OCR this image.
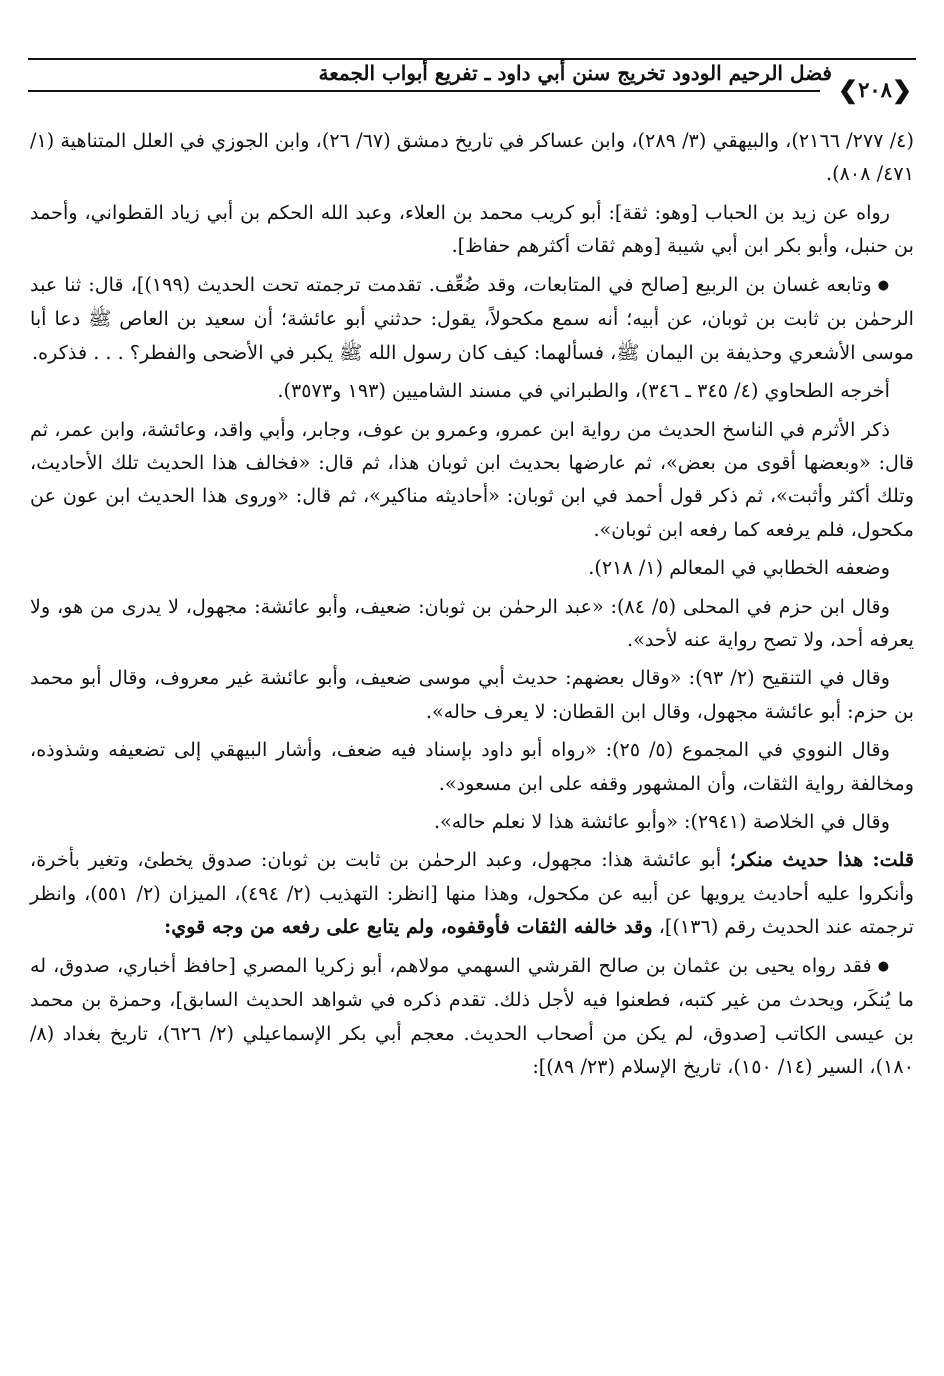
فضل الرحيم الودود تخريج سنن أبي داود ـ تفريع أبواب الجمعة
❮
٢٠٨
❯

(٤/ ٢٧٧/ ٢١٦٦)، والبيهقي (٣/ ٢٨٩)، وابن عساكر في تاريخ دمشق (٦٧/ ٢٦)، وابن الجوزي في العلل المتناهية (١/ ٤٧١/ ٨٠٨).

رواه عن زيد بن الحباب [وهو: ثقة]: أبو كريب محمد بن العلاء، وعبد الله الحكم بن أبي زياد القطواني، وأحمد بن حنبل، وأبو بكر ابن أبي شيبة [وهم ثقات أكثرهم حفاظ].

●وتابعه غسان بن الربيع [صالح في المتابعات، وقد ضُعِّف. تقدمت ترجمته تحت الحديث (١٩٩)]، قال: ثنا عبد الرحمٰن بن ثابت بن ثوبان، عن أبيه؛ أنه سمع مكحولاً، يقول: حدثني أبو عائشة؛ أن سعيد بن العاص ﷺ دعا أبا موسى الأشعري وحذيفة بن اليمان ﷺ، فسألهما: كيف كان رسول الله ﷺ يكبر في الأضحى والفطر؟ . . . فذكره.

أخرجه الطحاوي (٤/ ٣٤٥ ـ ٣٤٦)، والطبراني في مسند الشاميين (١٩٣ و٣٥٧٣).

ذكر الأثرم في الناسخ الحديث من رواية ابن عمرو، وعمرو بن عوف، وجابر، وأبي واقد، وعائشة، وابن عمر، ثم قال: «وبعضها أقوى من بعض»، ثم عارضها بحديث ابن ثوبان هذا، ثم قال: «فخالف هذا الحديث تلك الأحاديث، وتلك أكثر وأثبت»، ثم ذكر قول أحمد في ابن ثوبان: «أحاديثه مناكير»، ثم قال: «وروى هذا الحديث ابن عون عن مكحول، فلم يرفعه كما رفعه ابن ثوبان».

وضعفه الخطابي في المعالم (١/ ٢١٨).

وقال ابن حزم في المحلى (٥/ ٨٤): «عبد الرحمٰن بن ثوبان: ضعيف، وأبو عائشة: مجهول، لا يدرى من هو، ولا يعرفه أحد، ولا تصح رواية عنه لأحد».

وقال في التنقيح (٢/ ٩٣): «وقال بعضهم: حديث أبي موسى ضعيف، وأبو عائشة غير معروف، وقال أبو محمد بن حزم: أبو عائشة مجهول، وقال ابن القطان: لا يعرف حاله».

وقال النووي في المجموع (٥/ ٢٥): «رواه أبو داود بإسناد فيه ضعف، وأشار البيهقي إلى تضعيفه وشذوذه، ومخالفة رواية الثقات، وأن المشهور وقفه على ابن مسعود».

وقال في الخلاصة (٢٩٤١): «وأبو عائشة هذا لا نعلم حاله».

قلت: هذا حديث منكر؛ أبو عائشة هذا: مجهول، وعبد الرحمٰن بن ثابت بن ثوبان: صدوق يخطئ، وتغير بأخرة، وأنكروا عليه أحاديث يرويها عن أبيه عن مكحول، وهذا منها [انظر: التهذيب (٢/ ٤٩٤)، الميزان (٢/ ٥٥١)، وانظر ترجمته عند الحديث رقم (١٣٦)]، وقد خالفه الثقات فأوقفوه، ولم يتابع على رفعه من وجه قوي:

●فقد رواه يحيى بن عثمان بن صالح القرشي السهمي مولاهم، أبو زكريا المصري [حافظ أخباري، صدوق، له ما يُنكَر، ويحدث من غير كتبه، فطعنوا فيه لأجل ذلك. تقدم ذكره في شواهد الحديث السابق]، وحمزة بن محمد بن عيسى الكاتب [صدوق، لم يكن من أصحاب الحديث. معجم أبي بكر الإسماعيلي (٢/ ٦٢٦)، تاريخ بغداد (٨/ ١٨٠)، السير (١٤/ ١٥٠)، تاريخ الإسلام (٢٣/ ٨٩)]:
